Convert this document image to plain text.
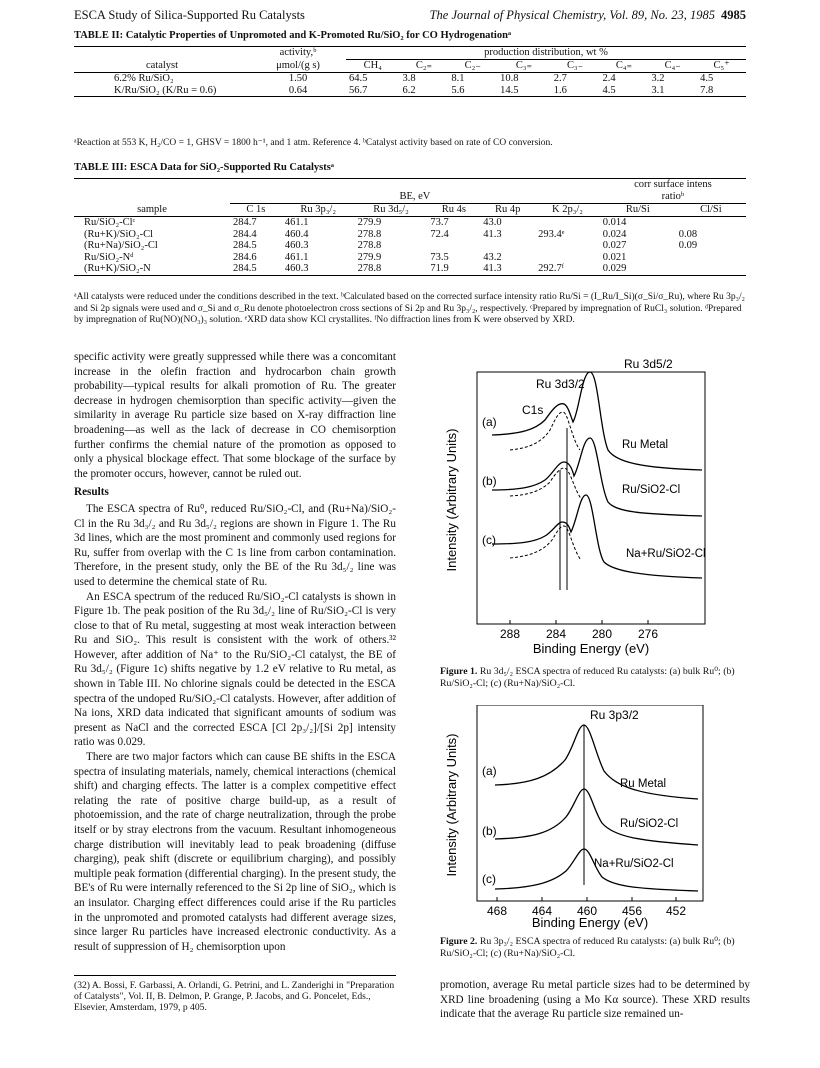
ESCA Study of Silica-Supported Ru Catalysts	The Journal of Physical Chemistry, Vol. 89, No. 23, 1985 4985
TABLE II: Catalytic Properties of Unpromoted and K-Promoted Ru/SiO₂ for CO Hydrogenationᵃ
catalyst	activity,ᵇ	production distribution, wt %							
	μmol/(g s)	CH₄	C₂₌	C₂₋	C₃₌	C₃₋	C₄₌	C₄₋	C₅⁺
6.2% Ru/SiO₂	1.50	64.5	3.8	8.1	10.8	2.7	2.4	3.2	4.5
K/Ru/SiO₂ (K/Ru = 0.6)	0.64	56.7	6.2	5.6	14.5	1.6	4.5	3.1	7.8
ᵃReaction at 553 K, H₂/CO = 1, GHSV = 1800 h⁻¹, and 1 atm. Reference 4. ᵇCatalyst activity based on rate of CO conversion.
TABLE III: ESCA Data for SiO₂-Supported Ru Catalystsᵃ
sample	BE, eV						corr surface intens
ratioᵇ	
	C 1s	Ru 3p₃/₂	Ru 3d₅/₂	Ru 4s	Ru 4p	K 2p₃/₂	Ru/Si	Cl/Si
Ru/SiO₂-Clᶜ	284.7	461.1	279.9	73.7	43.0		0.014	
(Ru+K)/SiO₂-Cl	284.4	460.4	278.8	72.4	41.3	293.4ᵉ	0.024	0.08
(Ru+Na)/SiO₂-Cl	284.5	460.3	278.8				0.027	0.09
Ru/SiO₂-Nᵈ	284.6	461.1	279.9	73.5	43.2		0.021	
(Ru+K)/SiO₂-N	284.5	460.3	278.8	71.9	41.3	292.7ᶠ	0.029	
ᵃAll catalysts were reduced under the conditions described in the text. ᵇCalculated based on the corrected surface intensity ratio Ru/Si = (I_Ru/I_Si)(σ_Si/σ_Ru), where Ru 3p₃/₂ and Si 2p signals were used and σ_Si and σ_Ru denote photoelectron cross sections of Si 2p and Ru 3p₃/₂, respectively. ᶜPrepared by impregnation of RuCl₃ solution. ᵈPrepared by impregnation of Ru(NO)(NO₃)₃ solution. ᵉXRD data show KCl crystallites. ᶠNo diffraction lines from K were observed by XRD.

specific activity were greatly suppressed while there was a concomitant increase in the olefin fraction and hydrocarbon chain growth probability—typical results for alkali promotion of Ru. The greater decrease in hydrogen chemisorption than specific activity—given the similarity in average Ru particle size based on X-ray diffraction line broadening—as well as the lack of decrease in CO chemisorption further confirms the chemial nature of the promotion as opposed to only a physical blockage effect. That some blockage of the surface by the promoter occurs, however, cannot be ruled out.

Results

The ESCA spectra of Ru⁰, reduced Ru/SiO₂-Cl, and (Ru+Na)/SiO₂-Cl in the Ru 3d₃/₂ and Ru 3d₅/₂ regions are shown in Figure 1. The Ru 3d lines, which are the most prominent and commonly used regions for Ru, suffer from overlap with the C 1s line from carbon contamination. Therefore, in the present study, only the BE of the Ru 3d₅/₂ line was used to determine the chemical state of Ru.

An ESCA spectrum of the reduced Ru/SiO₂-Cl catalysts is shown in Figure 1b. The peak position of the Ru 3d₅/₂ line of Ru/SiO₂-Cl is very close to that of Ru metal, suggesting at most weak interaction between Ru and SiO₂. This result is consistent with the work of others.³² However, after addition of Na⁺ to the Ru/SiO₂-Cl catalyst, the BE of Ru 3d₅/₂ (Figure 1c) shifts negative by 1.2 eV relative to Ru metal, as shown in Table III. No chlorine signals could be detected in the ESCA spectra of the undoped Ru/SiO₂-Cl catalysts. However, after addition of Na ions, XRD data indicated that significant amounts of sodium was present as NaCl and the corrected ESCA [Cl 2p₃/₂]/[Si 2p] intensity ratio was 0.029.

There are two major factors which can cause BE shifts in the ESCA spectra of insulating materials, namely, chemical interactions (chemical shift) and charging effects. The latter is a complex competitive effect relating the rate of positive charge build-up, as a result of photoemission, and the rate of charge neutralization, through the probe itself or by stray electrons from the vacuum. Resultant inhomogeneous charge distribution will inevitably lead to peak broadening (diffuse charging), peak shift (discrete or equilibrium charging), and possibly multiple peak formation (differential charging). In the present study, the BE's of Ru were internally referenced to the Si 2p line of SiO₂, which is an insulator. Charging effect differences could arise if the Ru particles in the unpromoted and promoted catalysts had different average sizes, since larger Ru particles have increased electronic conductivity. As a result of suppression of H₂ chemisorption upon

(32) A. Bossi, F. Garbassi, A. Orlandi, G. Petrini, and L. Zanderighi in "Preparation of Catalysts", Vol. II, B. Delmon, P. Grange, P. Jacobs, and G. Poncelet, Eds., Elsevier, Amsterdam, 1979, p 405.
Intensity (Arbitrary Units)
Binding Energy (eV)
288 284 280 276
Ru 3d5/2
Ru 3d3/2
C1s
(a)
(b)
(c)
Ru Metal
Ru/SiO2-Cl
Na+Ru/SiO2-Cl
Figure 1. Ru 3d₅/₂ ESCA spectra of reduced Ru catalysts: (a) bulk Ru⁰; (b) Ru/SiO₂-Cl; (c) (Ru+Na)/SiO₂-Cl.
Intensity (Arbitrary Units)
Binding Energy (eV)
468 464 460 456 452
Ru 3p3/2
(a)
(b)
(c)
Ru Metal
Ru/SiO2-Cl
Na+Ru/SiO2-Cl
Figure 2. Ru 3p₃/₂ ESCA spectra of reduced Ru catalysts: (a) bulk Ru⁰; (b) Ru/SiO₂-Cl; (c) (Ru+Na)/SiO₂-Cl.

promotion, average Ru metal particle sizes had to be determined by XRD line broadening (using a Mo Kα source). These XRD results indicate that the average Ru particle size remained un-
